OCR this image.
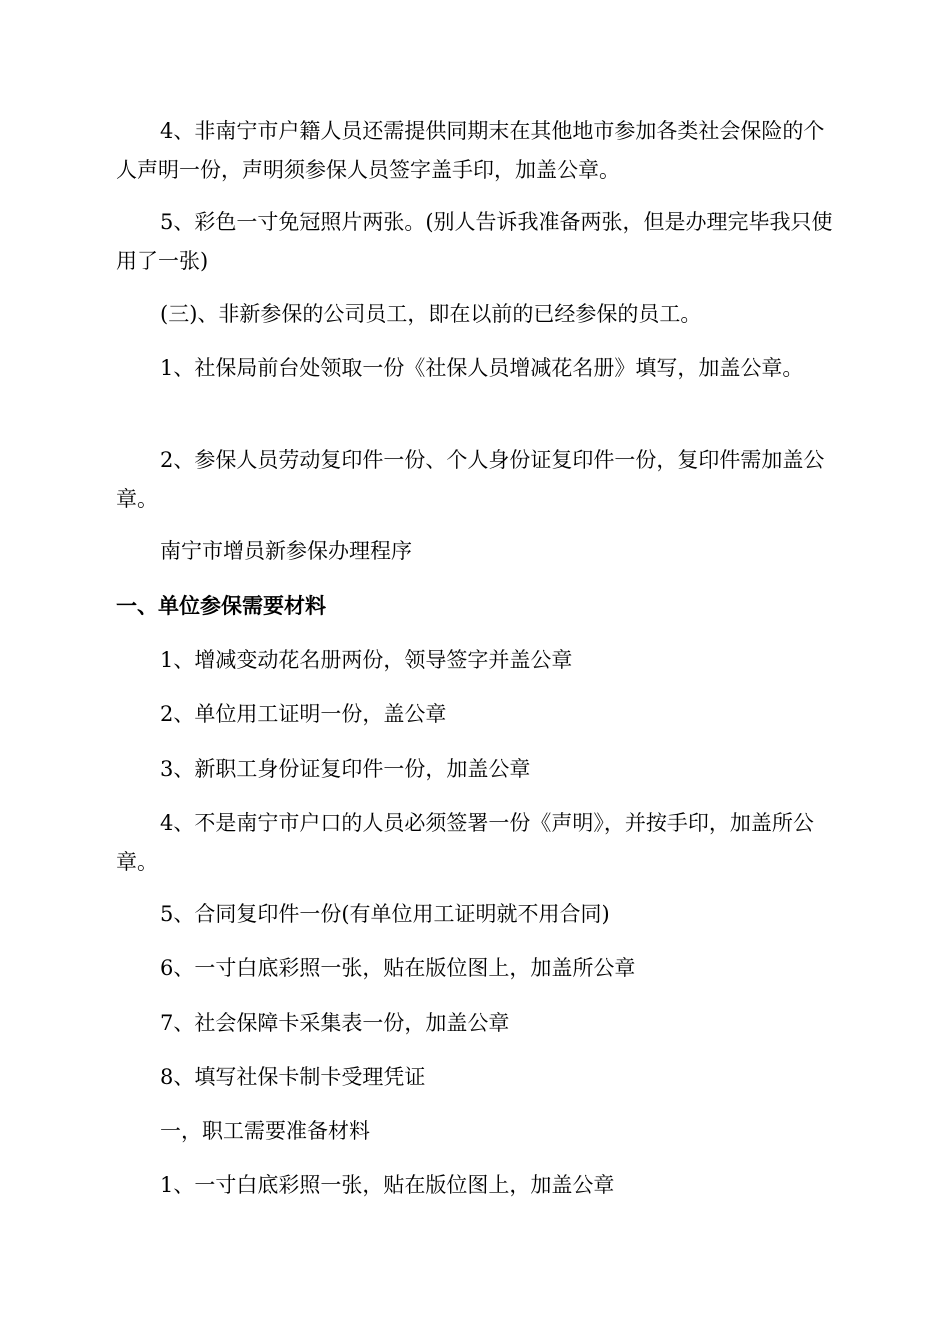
4、非南宁市户籍人员还需提供同期末在其他地市参加各类社会保险的个人声明一份，声明须参保人员签字盖手印，加盖公章。

5、彩色一寸免冠照片两张。(别人告诉我准备两张，但是办理完毕我只使用了一张)

(三)、非新参保的公司员工，即在以前的已经参保的员工。

1、社保局前台处领取一份《社保人员增减花名册》填写，加盖公章。

2、参保人员劳动复印件一份、个人身份证复印件一份，复印件需加盖公章。

南宁市增员新参保办理程序

一、单位参保需要材料

1、增减变动花名册两份，领导签字并盖公章

2、单位用工证明一份，盖公章

3、新职工身份证复印件一份，加盖公章

4、不是南宁市户口的人员必须签署一份《声明》，并按手印，加盖所公章。

5、合同复印件一份(有单位用工证明就不用合同)

6、一寸白底彩照一张，贴在版位图上，加盖所公章

7、社会保障卡采集表一份，加盖公章

8、填写社保卡制卡受理凭证

一，职工需要准备材料

1、一寸白底彩照一张，贴在版位图上，加盖公章
